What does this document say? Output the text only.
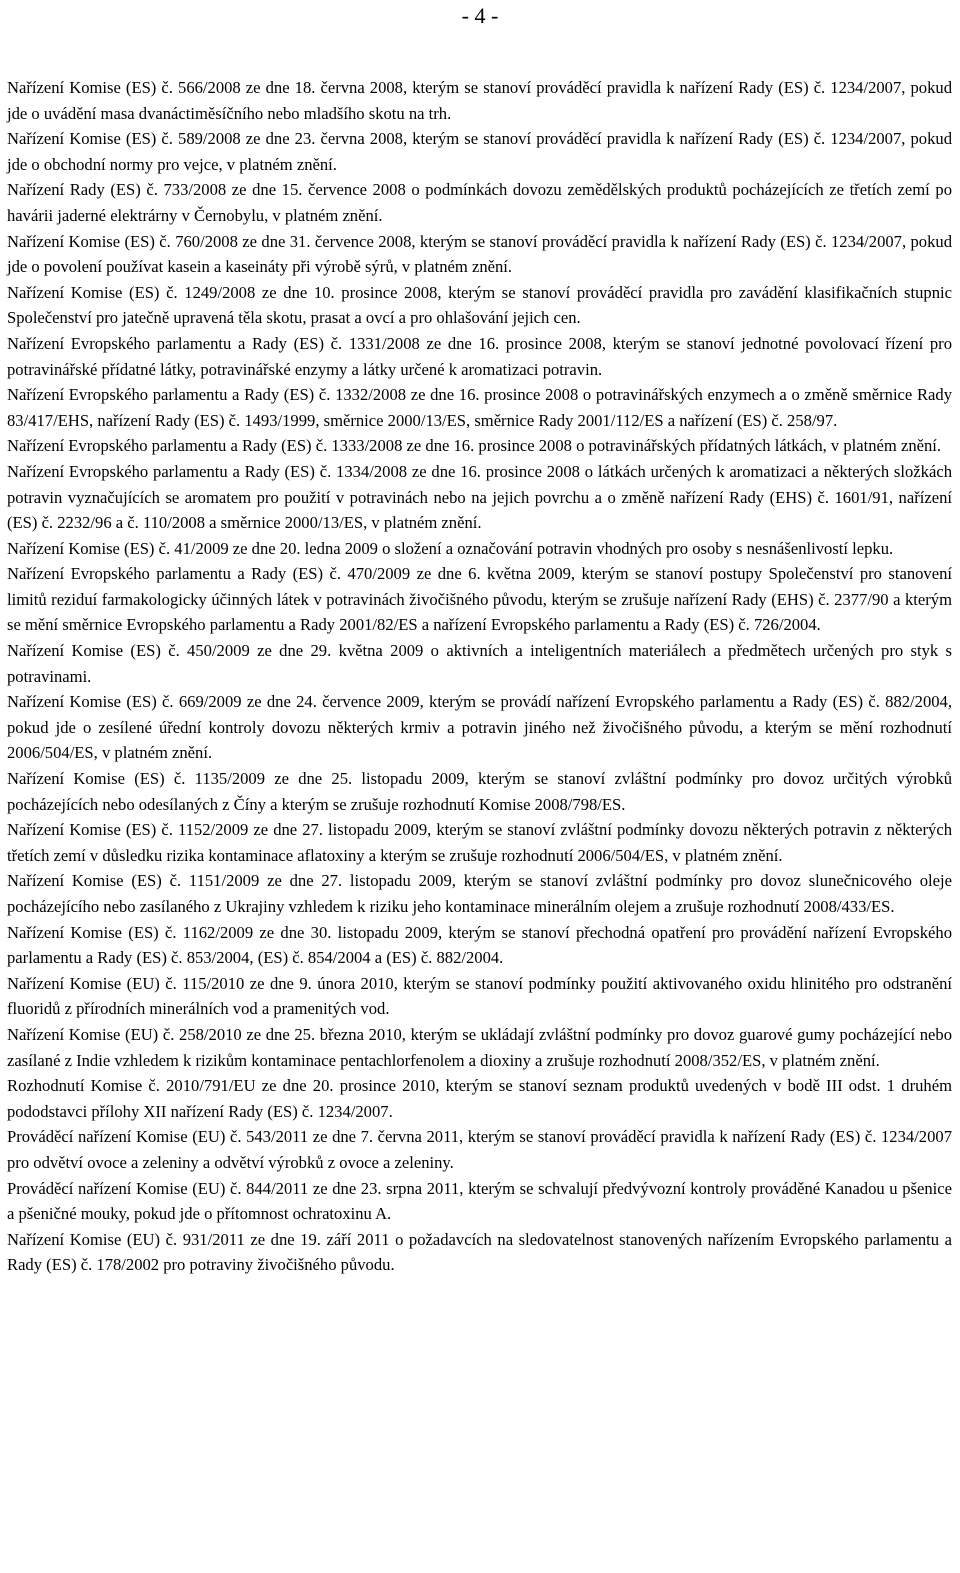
- 4 -

Nařízení Komise (ES) č. 566/2008 ze dne 18. června 2008, kterým se stanoví prováděcí pravidla k nařízení Rady (ES) č. 1234/2007, pokud jde o uvádění masa dvanáctiměsíčního nebo mladšího skotu na trh.

Nařízení Komise (ES) č. 589/2008 ze dne 23. června 2008, kterým se stanoví prováděcí pravidla k nařízení Rady (ES) č. 1234/2007, pokud jde o obchodní normy pro vejce, v platném znění.

Nařízení Rady (ES) č. 733/2008 ze dne 15. července 2008 o podmínkách dovozu zemědělských produktů pocházejících ze třetích zemí po havárii jaderné elektrárny v Černobylu, v platném znění.

Nařízení Komise (ES) č. 760/2008 ze dne 31. července 2008, kterým se stanoví prováděcí pravidla k nařízení Rady (ES) č. 1234/2007, pokud jde o povolení používat kasein a kaseináty při výrobě sýrů, v platném znění.

Nařízení Komise (ES) č. 1249/2008 ze dne 10. prosince 2008, kterým se stanoví prováděcí pravidla pro zavádění klasifikačních stupnic Společenství pro jatečně upravená těla skotu, prasat a ovcí a pro ohlašování jejich cen.

Nařízení Evropského parlamentu a Rady (ES) č. 1331/2008 ze dne 16. prosince 2008, kterým se stanoví jednotné povolovací řízení pro potravinářské přídatné látky, potravinářské enzymy a látky určené k aromatizaci potravin.

Nařízení Evropského parlamentu a Rady (ES) č. 1332/2008 ze dne 16. prosince 2008 o potravinářských enzymech a o změně směrnice Rady 83/417/EHS, nařízení Rady (ES) č. 1493/1999, směrnice 2000/13/ES, směrnice Rady 2001/112/ES a nařízení (ES) č. 258/97.

Nařízení Evropského parlamentu a Rady (ES) č. 1333/2008 ze dne 16. prosince 2008 o potravinářských přídatných látkách, v platném znění.

Nařízení Evropského parlamentu a Rady (ES) č. 1334/2008 ze dne 16. prosince 2008 o látkách určených k aromatizaci a některých složkách potravin vyznačujících se aromatem pro použití v potravinách nebo na jejich povrchu a o změně nařízení Rady (EHS) č. 1601/91, nařízení (ES) č. 2232/96 a č. 110/2008 a směrnice 2000/13/ES, v platném znění.

Nařízení Komise (ES) č. 41/2009 ze dne 20. ledna 2009 o složení a označování potravin vhodných pro osoby s nesnášenlivostí lepku.

Nařízení Evropského parlamentu a Rady (ES) č. 470/2009 ze dne 6. května 2009, kterým se stanoví postupy Společenství pro stanovení limitů reziduí farmakologicky účinných látek v potravinách živočišného původu, kterým se zrušuje nařízení Rady (EHS) č. 2377/90 a kterým se mění směrnice Evropského parlamentu a Rady 2001/82/ES a nařízení Evropského parlamentu a Rady (ES) č. 726/2004.

Nařízení Komise (ES) č. 450/2009 ze dne 29. května 2009 o aktivních a inteligentních materiálech a předmětech určených pro styk s potravinami.

Nařízení Komise (ES) č. 669/2009 ze dne 24. července 2009, kterým se provádí nařízení Evropského parlamentu a Rady (ES) č. 882/2004, pokud jde o zesílené úřední kontroly dovozu některých krmiv a potravin jiného než živočišného původu, a kterým se mění rozhodnutí 2006/504/ES, v platném znění.

Nařízení Komise (ES) č. 1135/2009 ze dne 25. listopadu 2009, kterým se stanoví zvláštní podmínky pro dovoz určitých výrobků pocházejících nebo odesílaných z Číny a kterým se zrušuje rozhodnutí Komise 2008/798/ES.

Nařízení Komise (ES) č. 1152/2009 ze dne 27. listopadu 2009, kterým se stanoví zvláštní podmínky dovozu některých potravin z některých třetích zemí v důsledku rizika kontaminace aflatoxiny a kterým se zrušuje rozhodnutí 2006/504/ES, v platném znění.

Nařízení Komise (ES) č. 1151/2009 ze dne 27. listopadu 2009, kterým se stanoví zvláštní podmínky pro dovoz slunečnicového oleje pocházejícího nebo zasílaného z Ukrajiny vzhledem k riziku jeho kontaminace minerálním olejem a zrušuje rozhodnutí 2008/433/ES.

Nařízení Komise (ES) č. 1162/2009 ze dne 30. listopadu 2009, kterým se stanoví přechodná opatření pro provádění nařízení Evropského parlamentu a Rady (ES) č. 853/2004, (ES) č. 854/2004 a (ES) č. 882/2004.

Nařízení Komise (EU) č. 115/2010 ze dne 9. února 2010, kterým se stanoví podmínky použití aktivovaného oxidu hlinitého pro odstranění fluoridů z přírodních minerálních vod a pramenitých vod.

Nařízení Komise (EU) č. 258/2010 ze dne 25. března 2010, kterým se ukládají zvláštní podmínky pro dovoz guarové gumy pocházející nebo zasílané z Indie vzhledem k rizikům kontaminace pentachlorfenolem a dioxiny a zrušuje rozhodnutí 2008/352/ES, v platném znění.

Rozhodnutí Komise č. 2010/791/EU ze dne 20. prosince 2010, kterým se stanoví seznam produktů uvedených v bodě III odst. 1 druhém pododstavci přílohy XII nařízení Rady (ES) č. 1234/2007.

Prováděcí nařízení Komise (EU) č. 543/2011 ze dne 7. června 2011, kterým se stanoví prováděcí pravidla k nařízení Rady (ES) č. 1234/2007 pro odvětví ovoce a zeleniny a odvětví výrobků z ovoce a zeleniny.

Prováděcí nařízení Komise (EU) č. 844/2011 ze dne 23. srpna 2011, kterým se schvalují předvývozní kontroly prováděné Kanadou u pšenice a pšeničné mouky, pokud jde o přítomnost ochratoxinu A.

Nařízení Komise (EU) č. 931/2011 ze dne 19. září 2011 o požadavcích na sledovatelnost stanovených nařízením Evropského parlamentu a Rady (ES) č. 178/2002 pro potraviny živočišného původu.
